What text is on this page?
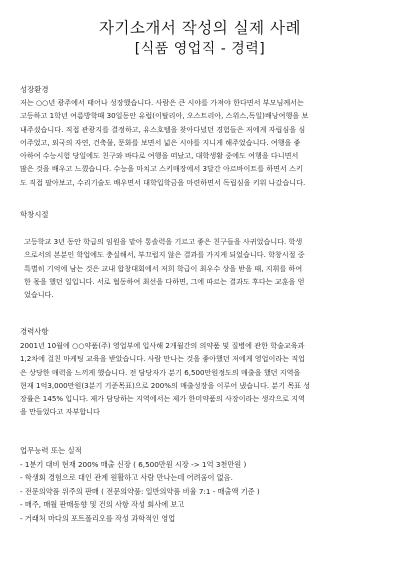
자기소개서 작성의 실제 사례
[식품 영업직 - 경력]
성장환경
저는 ○○년 광주에서 태어나 성장했습니다. 사람은 큰 시야를 가져야 한다면서 부모님께서는
고등하고 1학년 여름방학때 30일동안 유럽(이탈리아, 오스트리아, 스위스,독일)배낭여행을 보
내주셨습니다. 직접 관광지를 결정하고, 유스호텔을 찾아다녔던 경험들은 저에게 자립심을 심
어주었고, 외국의 자연, 건축물, 문화를 보면서 넓은 시야를 지니게 해주었습니다. 여행을 좋
아하여 수능시험 당일에도 친구와 바다로 여행을 떠났고, 대학생활 중에도 여행을 다니면서
많은 것을 배우고 느꼈습니다. 수능을 마치고 스키매장에서 3달간 아르바이트를 하면서 스키
도 직접 팔아보고, 수리기술도 배우면서 대학입학금을 마련하면서 독립심을 키워 나갔습니다.
학창시절
고등학교 3년 동안 학급의 임원을 맡아 통솔력을 기르고 좋은 친구들을 사귀었습니다. 학생
으로서의 본분인 학업에도 충실해서, 부끄럽지 않은 결과를 가지게 되었습니다. 학창시절 중
특별히 기억에 남는 것은 교내 합창대회에서 저희 학급이 최우수 상을 받을 때, 지휘를 하여
한 몫을 했던 일입니다. 서로 협동하여 최선을 다하면, 그에 따르는 결과도 후다는 교훈을 얻
었습니다.
경력사항
2001년 10월에 ○○약품(주) 영업부에 입사해 2개월간의 의약품 및 질병에 관한 학술교육과
1,2차에 걸친 마케팅 교육을 받았습니다. 사람 만나는 것을 좋아했던 저에게 영업이라는 직업
은 상당한 매력을 느끼게 했습니다. 전 담당자가 분기 6,500만원정도의 매출을 했던 지역을
현재 1억3,000만원(3분기 기준목표)으로 200%의 매출성장을 이루어 냈습니다. 분기 목표 성
장률은 145% 입니다. 제가 담당하는 지역에서는 제가 한미약품의 사장이라는 생각으로 지역
을 만들었다고 자부합니다
업무능력 또는 실적
- 1분기 대비 현재 200% 매출 신장 ( 6,500만원 시장 -> 1억 3천만원 )
- 학생회 경험으로 대인 관계 원활하고 사람 만나는데 어려움이 없음.
- 전문의약품 위주의 판매 ( 전문의약품: 일반의약품 비율 7:1 - 매출액 기준 )
- 매주, 매월 판매동향 및 건의 사항 작성 회사에 보고
- 거래처 마다의 포트폴리오를 작성 과학적인 영업
